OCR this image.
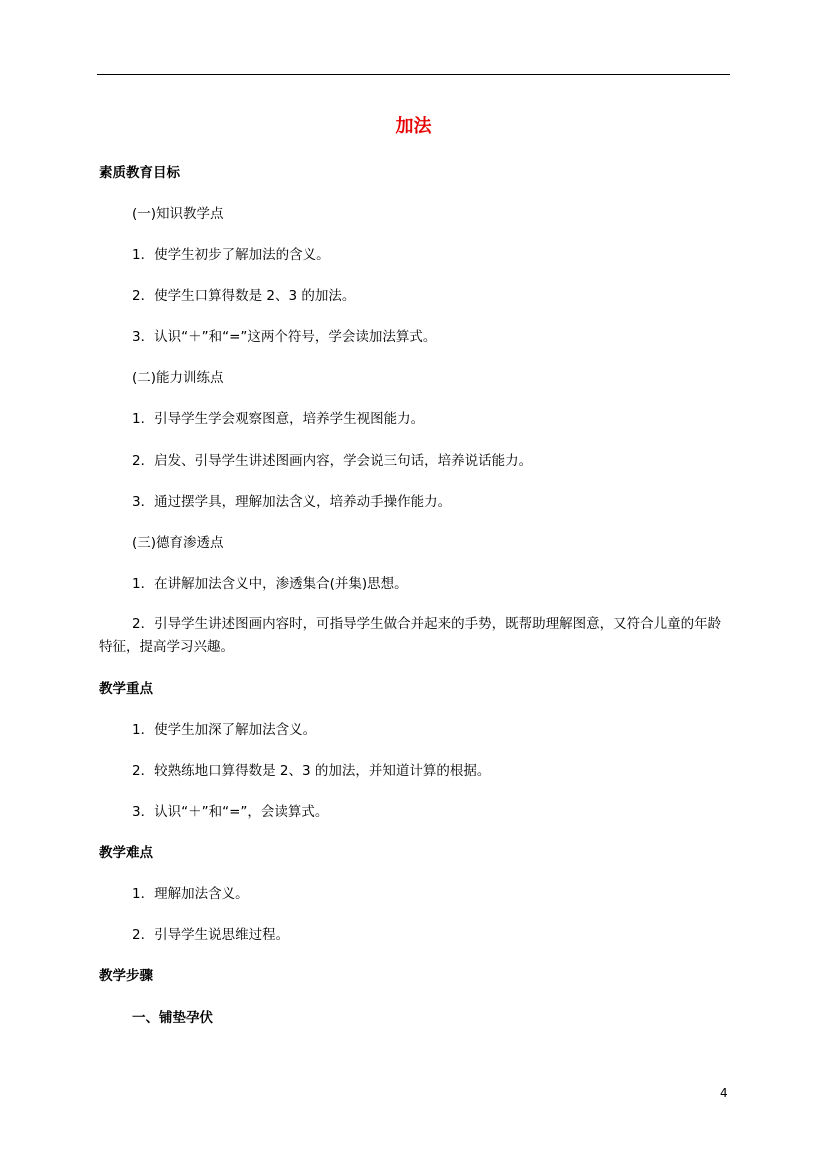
加法
素质教育目标
(一)知识教学点
1．使学生初步了解加法的含义。
2．使学生口算得数是 2、3 的加法。
3．认识“＋”和“=”这两个符号，学会读加法算式。
(二)能力训练点
1．引导学生学会观察图意，培养学生视图能力。
2．启发、引导学生讲述图画内容，学会说三句话，培养说话能力。
3．通过摆学具，理解加法含义，培养动手操作能力。
(三)德育渗透点
1．在讲解加法含义中，渗透集合(并集)思想。
2．引导学生讲述图画内容时，可指导学生做合并起来的手势，既帮助理解图意，又符合儿童的年龄特征，提高学习兴趣。
教学重点
1．使学生加深了解加法含义。
2．较熟练地口算得数是 2、3 的加法，并知道计算的根据。
3．认识“＋”和“=”，会读算式。
教学难点
1．理解加法含义。
2．引导学生说思维过程。
教学步骤
一、铺垫孕伏
4
